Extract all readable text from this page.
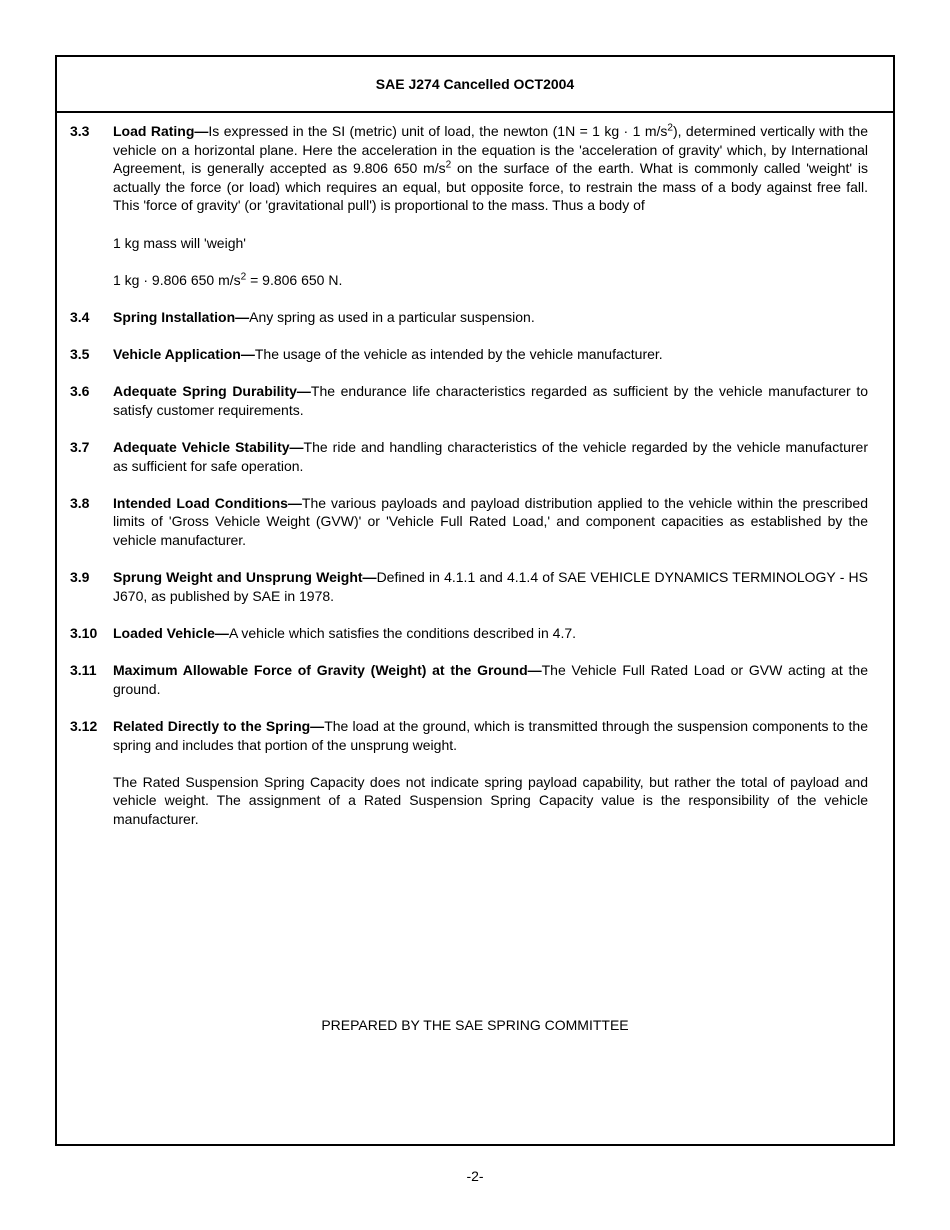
SAE J274 Cancelled OCT2004
3.3	Load Rating—Is expressed in the SI (metric) unit of load, the newton (1N = 1 kg · 1 $m/s^2$), determined vertically with the vehicle on a horizontal plane. Here the acceleration in the equation is the 'acceleration of gravity' which, by International Agreement, is generally accepted as 9.806 650 $m/s^2$ on the surface of the earth. What is commonly called 'weight' is actually the force (or load) which requires an equal, but opposite force, to restrain the mass of a body against free fall. This 'force of gravity' (or 'gravitational pull') is proportional to the mass. Thus a body of

1 kg mass will 'weigh'

1 kg · 9.806 650 $m/s^2 = 9.806$ 650 N.

3.4	Spring Installation—Any spring as used in a particular suspension.
3.5	Vehicle Application—The usage of the vehicle as intended by the vehicle manufacturer.
3.6	Adequate Spring Durability—The endurance life characteristics regarded as sufficient by the vehicle manufacturer to satisfy customer requirements.
3.7	Adequate Vehicle Stability—The ride and handling characteristics of the vehicle regarded by the vehicle manufacturer as sufficient for safe operation.
3.8	Intended Load Conditions—The various payloads and payload distribution applied to the vehicle within the prescribed limits of 'Gross Vehicle Weight (GVW)' or 'Vehicle Full Rated Load,' and component capacities as established by the vehicle manufacturer.
3.9	Sprung Weight and Unsprung Weight—Defined in 4.1.1 and 4.1.4 of SAE VEHICLE DYNAMICS TERMINOLOGY - HS J670, as published by SAE in 1978.
3.10	Loaded Vehicle—A vehicle which satisfies the conditions described in 4.7.
3.11	Maximum Allowable Force of Gravity (Weight) at the Ground—The Vehicle Full Rated Load or GVW acting at the ground.
3.12	Related Directly to the Spring—The load at the ground, which is transmitted through the suspension components to the spring and includes that portion of the unsprung weight.

The Rated Suspension Spring Capacity does not indicate spring payload capability, but rather the total of payload and vehicle weight. The assignment of a Rated Suspension Spring Capacity value is the responsibility of the vehicle manufacturer.

PREPARED BY THE SAE SPRING COMMITTEE
-2-
